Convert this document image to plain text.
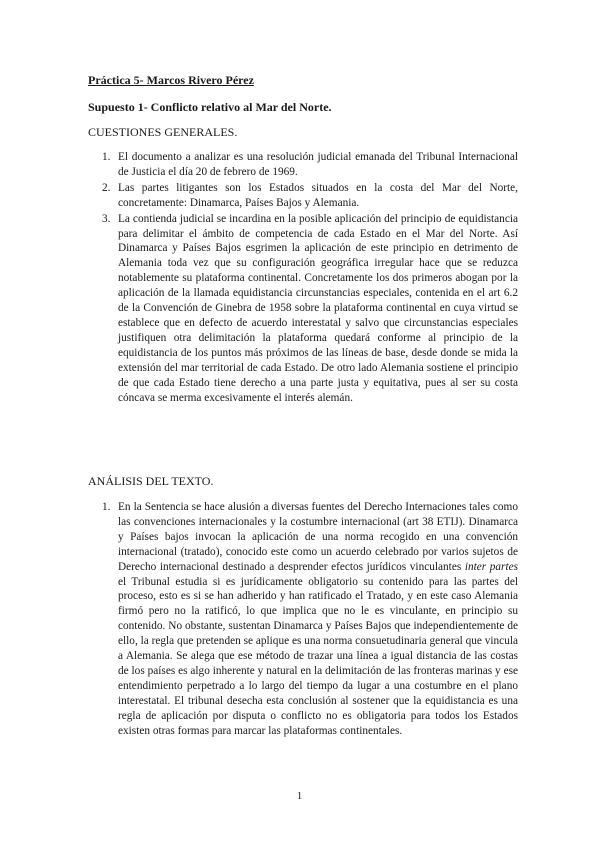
Práctica 5- Marcos Rivero Pérez
Supuesto 1- Conflicto relativo al Mar del Norte.
CUESTIONES GENERALES.
1. El documento a analizar es una resolución judicial emanada del Tribunal Internacional de Justicia el día 20 de febrero de 1969.
2. Las partes litigantes son los Estados situados en la costa del Mar del Norte, concretamente: Dinamarca, Países Bajos y Alemania.
3. La contienda judicial se incardina en la posible aplicación del principio de equidistancia para delimitar el ámbito de competencia de cada Estado en el Mar del Norte. Así Dinamarca y Países Bajos esgrimen la aplicación de este principio en detrimento de Alemania toda vez que su configuración geográfica irregular hace que se reduzca notablemente su plataforma continental. Concretamente los dos primeros abogan por la aplicación de la llamada equidistancia circunstancias especiales, contenida en el art 6.2 de la Convención de Ginebra de 1958 sobre la plataforma continental en cuya virtud se establece que en defecto de acuerdo interestatal y salvo que circunstancias especiales justifiquen otra delimitación la plataforma quedará conforme al principio de la equidistancia de los puntos más próximos de las líneas de base, desde donde se mida la extensión del mar territorial de cada Estado. De otro lado Alemania sostiene el principio de que cada Estado tiene derecho a una parte justa y equitativa, pues al ser su costa cóncava se merma excesivamente el interés alemán.
ANÁLISIS DEL TEXTO.
1. En la Sentencia se hace alusión a diversas fuentes del Derecho Internaciones tales como las convenciones internacionales y la costumbre internacional (art 38 ETIJ). Dinamarca y Países bajos invocan la aplicación de una norma recogido en una convención internacional (tratado), conocido este como un acuerdo celebrado por varios sujetos de Derecho internacional destinado a desprender efectos jurídicos vinculantes inter partes el Tribunal estudia si es jurídicamente obligatorio su contenido para las partes del proceso, esto es si se han adherido y han ratificado el Tratado, y en este caso Alemania firmó pero no la ratificó, lo que implica que no le es vinculante, en principio su contenido. No obstante, sustentan Dinamarca y Países Bajos que independientemente de ello, la regla que pretenden se aplique es una norma consuetudinaria general que vincula a Alemania. Se alega que ese método de trazar una línea a igual distancia de las costas de los países es algo inherente y natural en la delimitación de las fronteras marinas y ese entendimiento perpetrado a lo largo del tiempo da lugar a una costumbre en el plano interestatal. El tribunal desecha esta conclusión al sostener que la equidistancia es una regla de aplicación por disputa o conflicto no es obligatoria para todos los Estados existen otras formas para marcar las plataformas continentales.
1
